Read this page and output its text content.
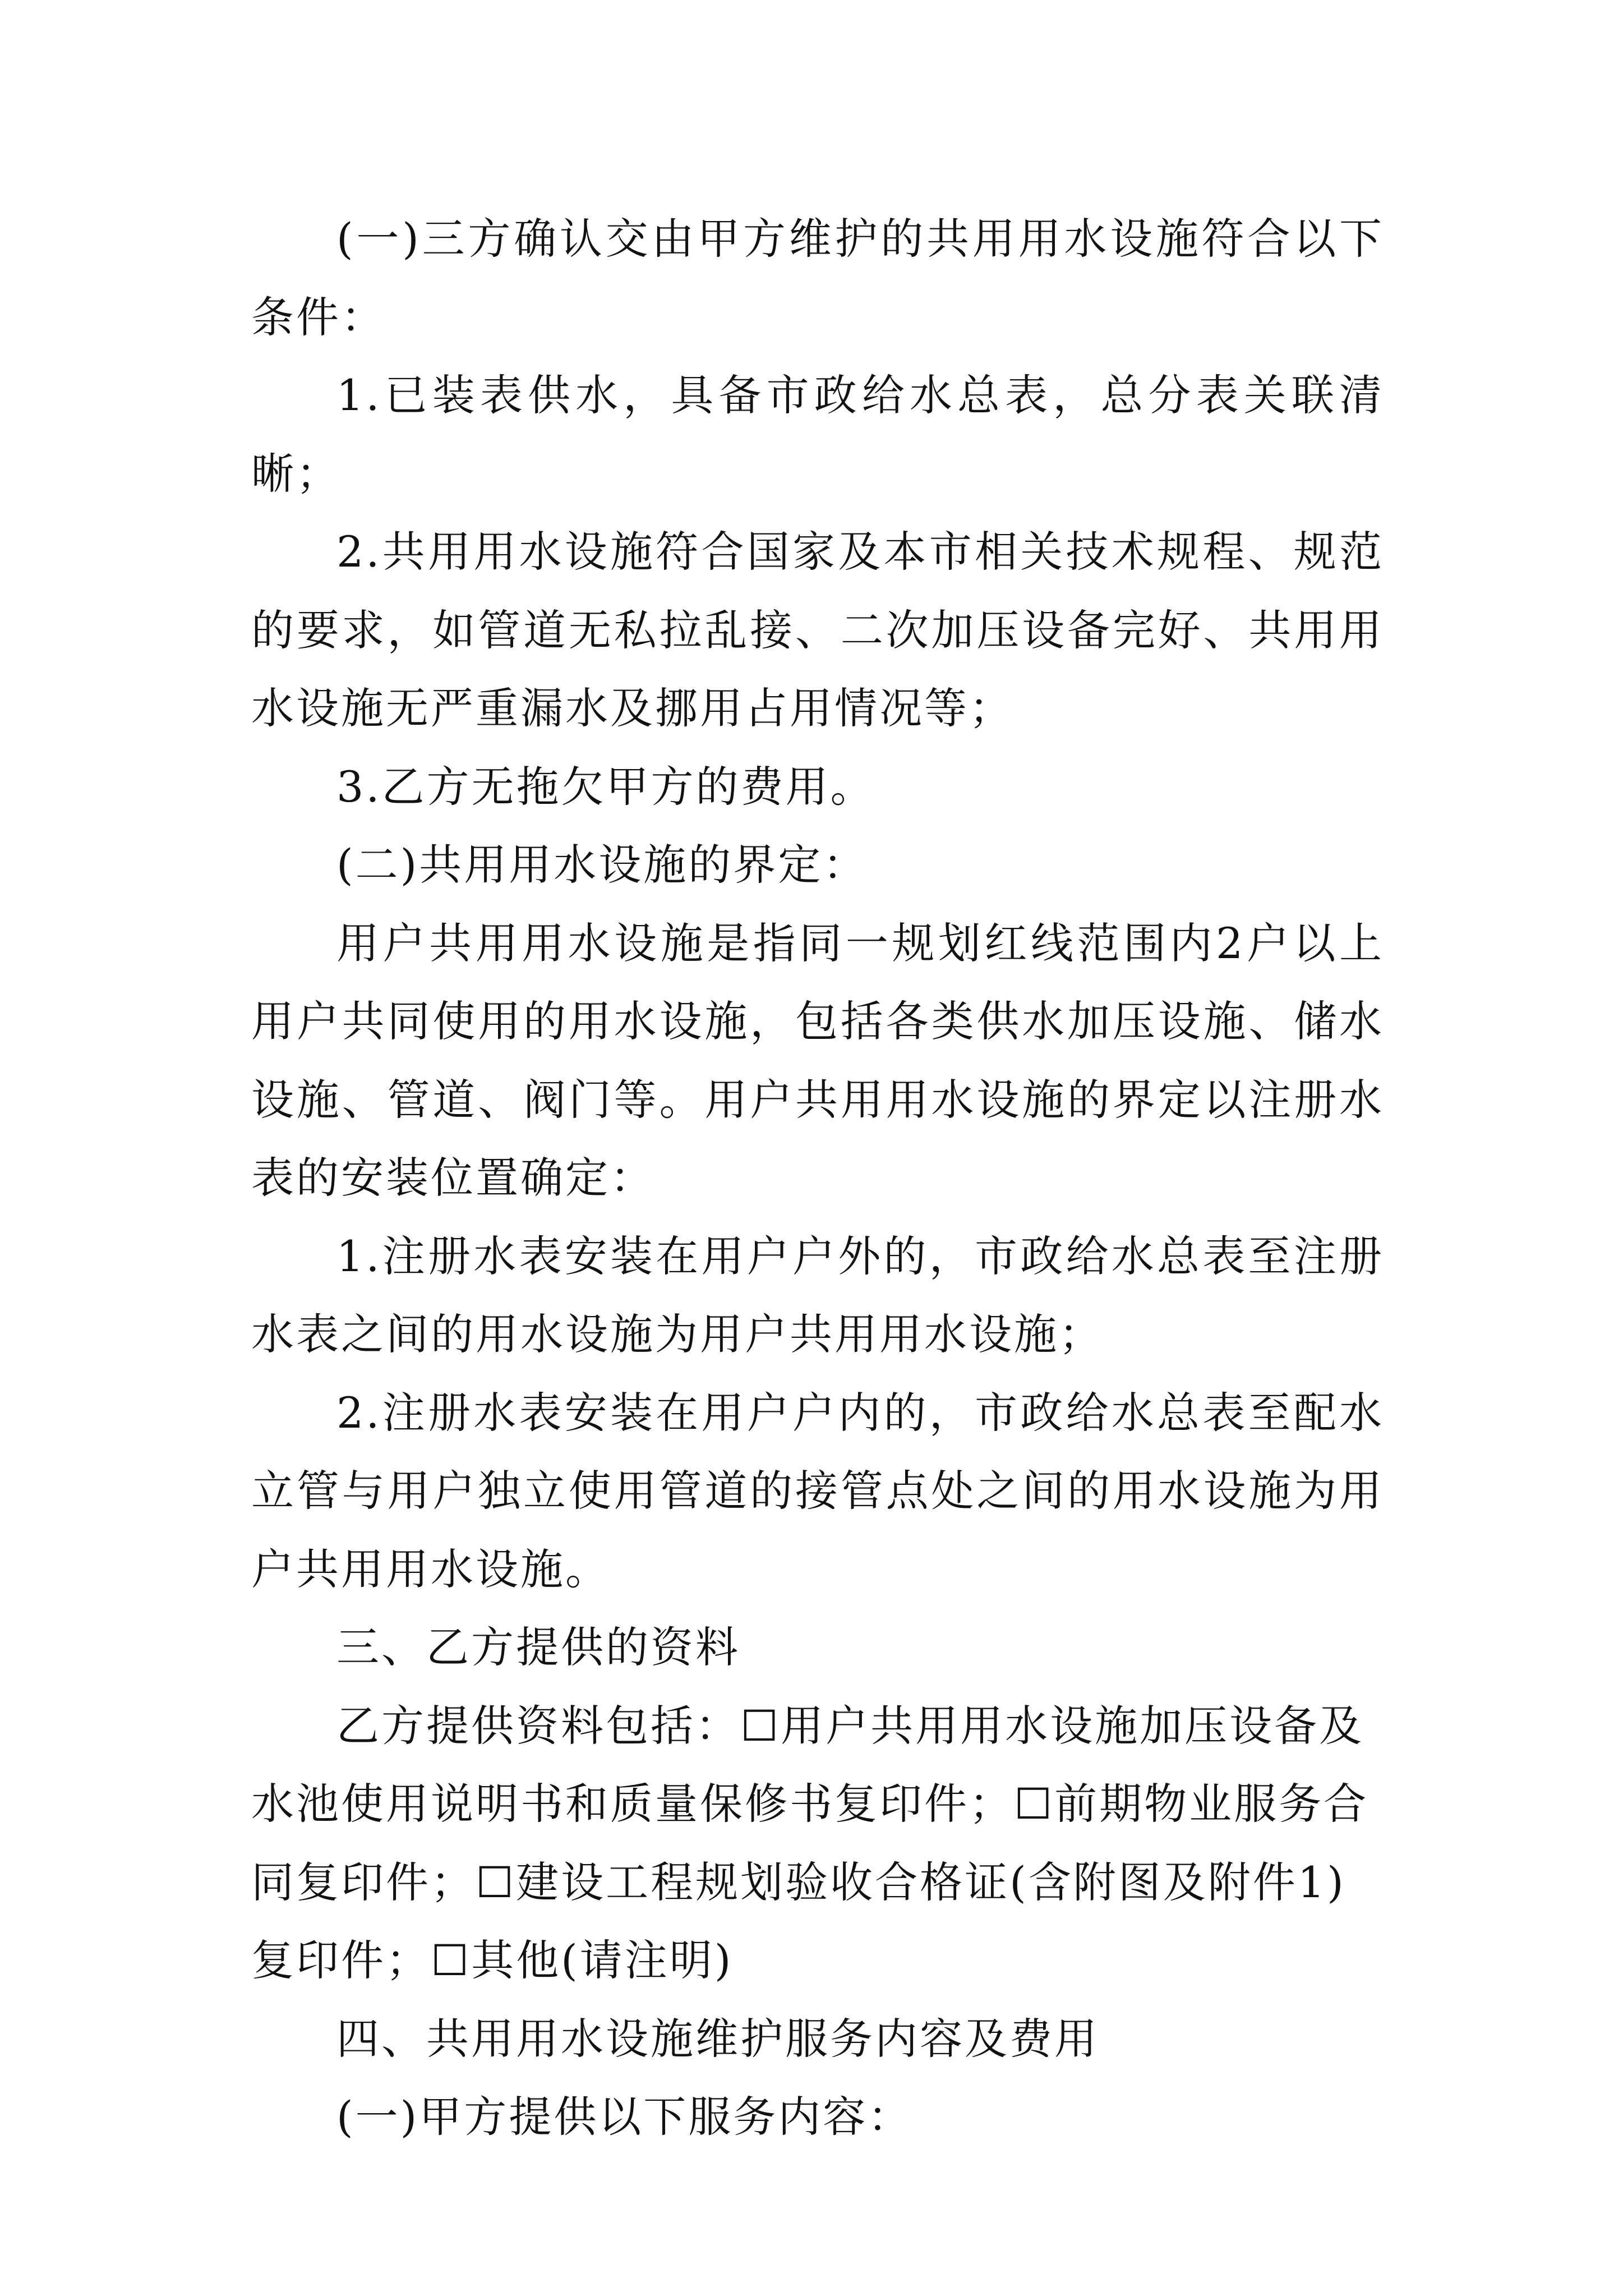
(一)三方确认交由甲方维护的共用用水设施符合以下条件：

1.已装表供水，具备市政给水总表，总分表关联清晰；

2.共用用水设施符合国家及本市相关技术规程、规范的要求，如管道无私拉乱接、二次加压设备完好、共用用水设施无严重漏水及挪用占用情况等；

3.乙方无拖欠甲方的费用。

(二)共用用水设施的界定：

用户共用用水设施是指同一规划红线范围内2户以上用户共同使用的用水设施，包括各类供水加压设施、储水设施、管道、阀门等。用户共用用水设施的界定以注册水表的安装位置确定：

1.注册水表安装在用户户外的，市政给水总表至注册水表之间的用水设施为用户共用用水设施；

2.注册水表安装在用户户内的，市政给水总表至配水立管与用户独立使用管道的接管点处之间的用水设施为用户共用用水设施。

三、乙方提供的资料

乙方提供资料包括：☐用户共用用水设施加压设备及水池使用说明书和质量保修书复印件；☐前期物业服务合同复印件；☐建设工程规划验收合格证(含附图及附件1)复印件；☐其他(请注明)

四、共用用水设施维护服务内容及费用

(一)甲方提供以下服务内容：
